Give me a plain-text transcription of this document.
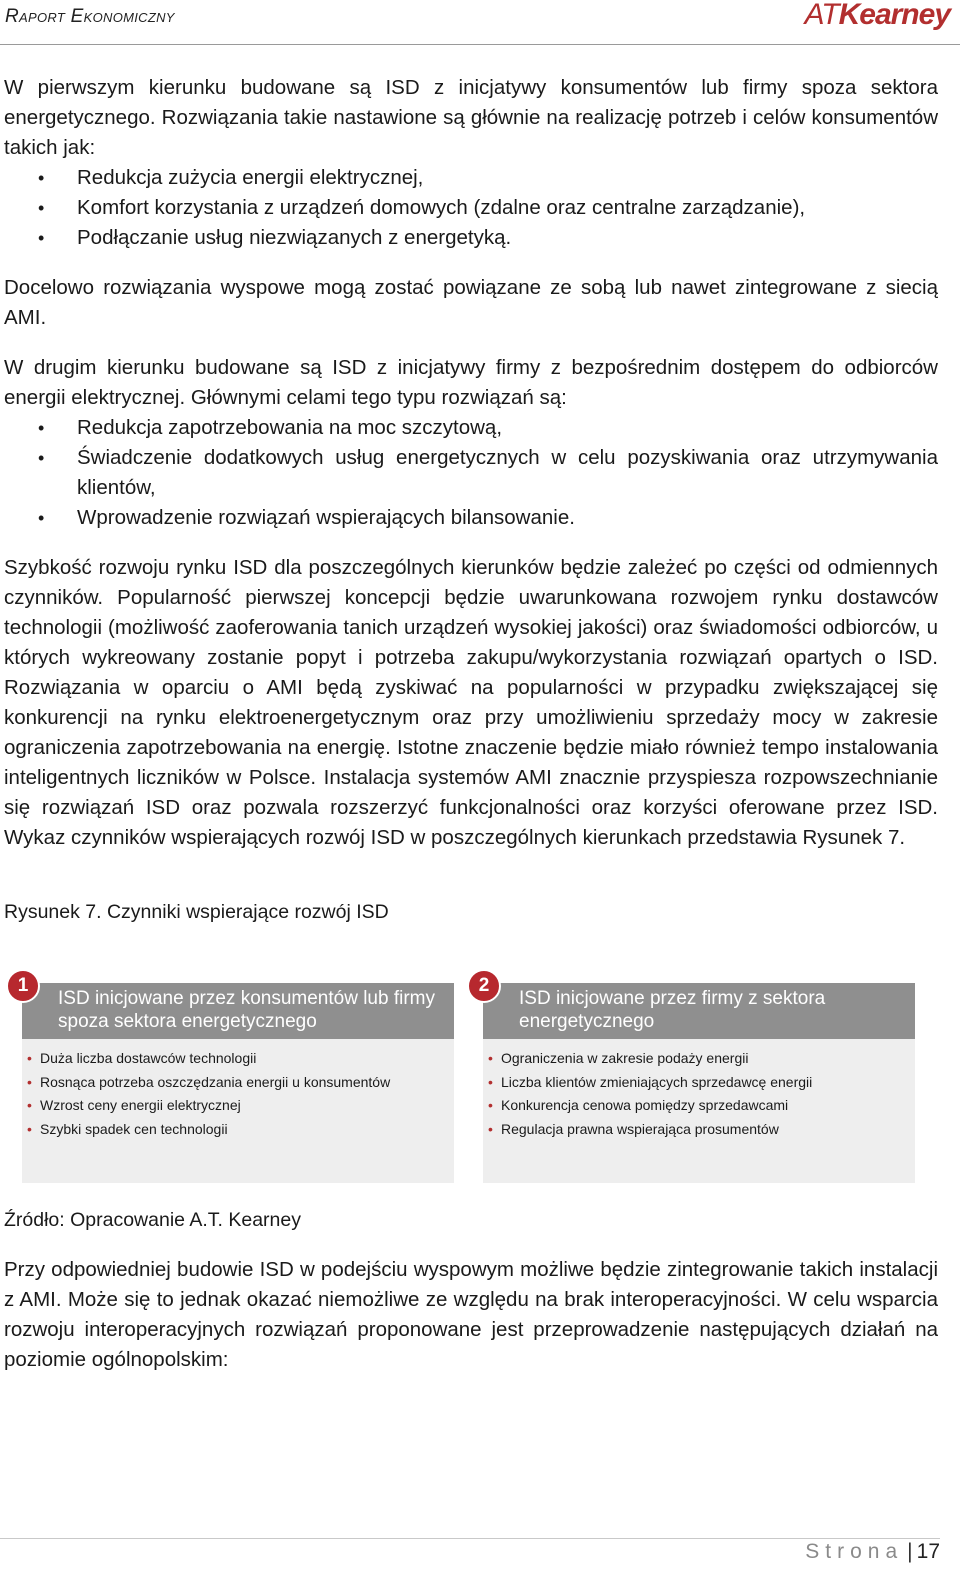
Raport Ekonomiczny	ATKearney

W pierwszym kierunku budowane są ISD z inicjatywy konsumentów lub firmy spoza sektora energetycznego. Rozwiązania takie nastawione są głównie na realizację potrzeb i celów konsumentów takich jak:

• Redukcja zużycia energii elektrycznej,
• Komfort korzystania z urządzeń domowych (zdalne oraz centralne zarządzanie),
• Podłączanie usług niezwiązanych z energetyką.

Docelowo rozwiązania wyspowe mogą zostać powiązane ze sobą lub nawet zintegrowane z siecią AMI.

W drugim kierunku budowane są ISD z inicjatywy firmy z bezpośrednim dostępem do odbiorców energii elektrycznej. Głównymi celami tego typu rozwiązań są:

• Redukcja zapotrzebowania na moc szczytową,
• Świadczenie dodatkowych usług energetycznych w celu pozyskiwania oraz utrzymywania klientów,
• Wprowadzenie rozwiązań wspierających bilansowanie.

Szybkość rozwoju rynku ISD dla poszczególnych kierunków będzie zależeć po części od odmiennych czynników. Popularność pierwszej koncepcji będzie uwarunkowana rozwojem rynku dostawców technologii (możliwość zaoferowania tanich urządzeń wysokiej jakości) oraz świadomości odbiorców, u których wykreowany zostanie popyt i potrzeba zakupu/wykorzystania rozwiązań opartych o ISD. Rozwiązania w oparciu o AMI będą zyskiwać na popularności w przypadku zwiększającej się konkurencji na rynku elektroenergetycznym oraz przy umożliwieniu sprzedaży mocy w zakresie ograniczenia zapotrzebowania na energię. Istotne znaczenie będzie miało również tempo instalowania inteligentnych liczników w Polsce. Instalacja systemów AMI znacznie przyspiesza rozpowszechnianie się rozwiązań ISD oraz pozwala rozszerzyć funkcjonalności oraz korzyści oferowane przez ISD. Wykaz czynników wspierających rozwój ISD w poszczególnych kierunkach przedstawia Rysunek 7.

Rysunek 7. Czynniki wspierające rozwój ISD
1
ISD inicjowane przez konsumentów lub firmy spoza sektora energetycznego
• Duża liczba dostawców technologii
• Rosnąca potrzeba oszczędzania energii u konsumentów
• Wzrost ceny energii elektrycznej
• Szybki spadek cen technologii
2
ISD inicjowane przez firmy z sektora energetycznego
• Ograniczenia w zakresie podaży energii
• Liczba klientów zmieniających sprzedawcę energii
• Konkurencja cenowa pomiędzy sprzedawcami
• Regulacja prawna wspierająca prosumentów
Źródło: Opracowanie A.T. Kearney

Przy odpowiedniej budowie ISD w podejściu wyspowym możliwe będzie zintegrowanie takich instalacji z AMI. Może się to jednak okazać niemożliwe ze względu na brak interoperacyjności. W celu wsparcia rozwoju interoperacyjnych rozwiązań proponowane jest przeprowadzenie następujących działań na poziomie ogólnopolskim:

Strona | 17
